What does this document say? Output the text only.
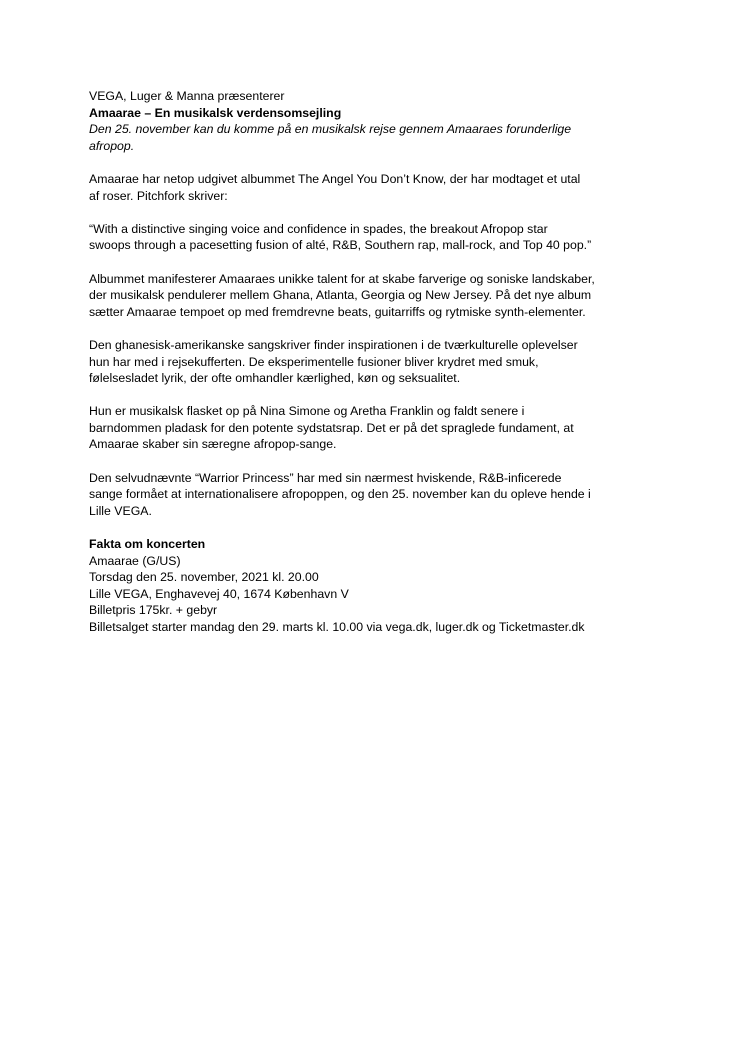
VEGA, Luger & Manna præsenterer

Amaarae – En musikalsk verdensomsejling

Den 25. november kan du komme på en musikalsk rejse gennem Amaaraes forunderlige

afropop.

Amaarae har netop udgivet albummet The Angel You Don’t Know, der har modtaget et utal

af roser. Pitchfork skriver:

“With a distinctive singing voice and confidence in spades, the breakout Afropop star

swoops through a pacesetting fusion of alté, R&B, Southern rap, mall-rock, and Top 40 pop.”

Albummet manifesterer Amaaraes unikke talent for at skabe farverige og soniske landskaber,

der musikalsk pendulerer mellem Ghana, Atlanta, Georgia og New Jersey. På det nye album

sætter Amaarae tempoet op med fremdrevne beats, guitarriffs og rytmiske synth-elementer.

Den ghanesisk-amerikanske sangskriver finder inspirationen i de tværkulturelle oplevelser

hun har med i rejsekufferten. De eksperimentelle fusioner bliver krydret med smuk,

følelsesladet lyrik, der ofte omhandler kærlighed, køn og seksualitet.

Hun er musikalsk flasket op på Nina Simone og Aretha Franklin og faldt senere i

barndommen pladask for den potente sydstatsrap. Det er på det spraglede fundament, at

Amaarae skaber sin særegne afropop-sange.

Den selvudnævnte “Warrior Princess” har med sin nærmest hviskende, R&B-inficerede

sange formået at internationalisere afropoppen, og den 25. november kan du opleve hende i

Lille VEGA.

Fakta om koncerten

Amaarae (G/US)

Torsdag den 25. november, 2021 kl. 20.00

Lille VEGA, Enghavevej 40, 1674 København V

Billetpris 175kr. + gebyr

Billetsalget starter mandag den 29. marts kl. 10.00 via vega.dk, luger.dk og Ticketmaster.dk
